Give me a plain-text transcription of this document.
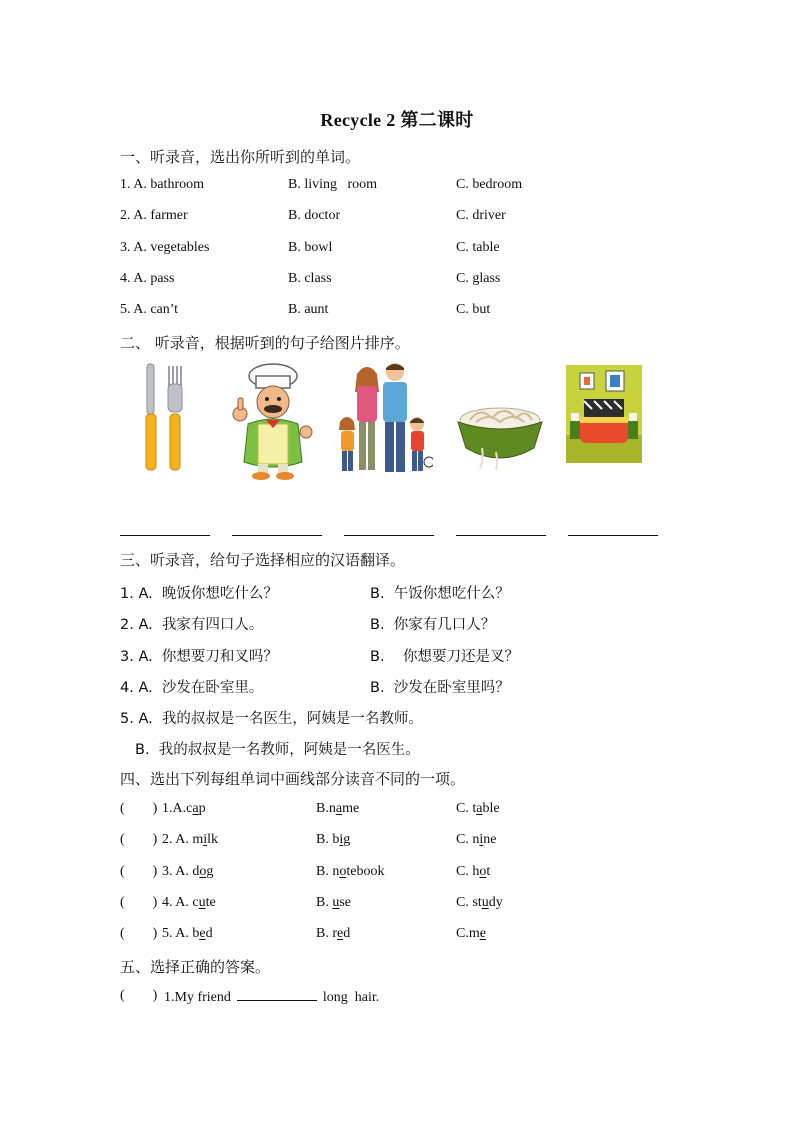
Recycle 2 第二课时
一、听录音，选出你所听到的单词。
1. A. bathroom	B. living   room	C. bedroom
2. A. farmer	B. doctor	C. driver
3. A. vegetables	B. bowl	C. table
4. A. pass	B. class	C. glass
5. A. can’t	B. aunt	C. but
二、 听录音，根据听到的句子给图片排序。
三、听录音，给句子选择相应的汉语翻译。
1. A.  晚饭你想吃什么？	B.  午饭你想吃什么？
2. A.  我家有四口人。	B.  你家有几口人？
3. A.  你想要刀和叉吗？	B.    你想要刀还是叉？
4. A.  沙发在卧室里。	B.  沙发在卧室里吗？
5. A.  我的叔叔是一名医生，阿姨是一名教师。
B.  我的叔叔是一名教师，阿姨是一名医生。
四、选出下列每组单词中画线部分读音不同的一项。
(        ) 1.A.cap	B.name	C. table
(        ) 2. A. milk	B. big	C. nine
(        ) 3. A. dog	B. notebook	C. hot
(        ) 4. A. cute	B. use	C. study
(        ) 5. A. bed	B. red	C.me
五、选择正确的答案。
(        ) 1.My friend	long  hair.
